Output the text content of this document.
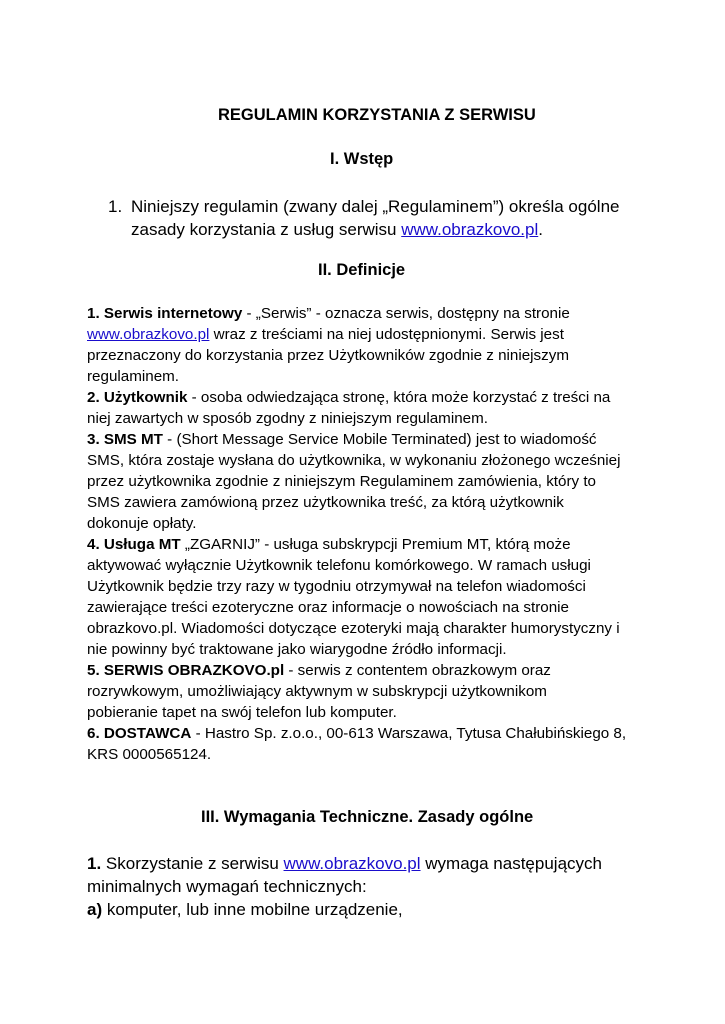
REGULAMIN KORZYSTANIA Z SERWISU
I. Wstęp
1. Niniejszy regulamin (zwany dalej „Regulaminem”) określa ogólne
zasady korzystania z usług serwisu www.obrazkovo.pl.
II. Definicje
1. Serwis internetowy - „Serwis” - oznacza serwis, dostępny na stronie
www.obrazkovo.pl wraz z treściami na niej udostępnionymi. Serwis jest
przeznaczony do korzystania przez Użytkowników zgodnie z niniejszym
regulaminem.
2. Użytkownik - osoba odwiedzająca stronę, która może korzystać z treści na
niej zawartych w sposób zgodny z niniejszym regulaminem.
3. SMS MT - (Short Message Service Mobile Terminated) jest to wiadomość
SMS, która zostaje wysłana do użytkownika, w wykonaniu złożonego wcześniej
przez użytkownika zgodnie z niniejszym Regulaminem zamówienia, który to
SMS zawiera zamówioną przez użytkownika treść, za którą użytkownik
dokonuje opłaty.
4. Usługa MT „ZGARNIJ” - usługa subskrypcji Premium MT, którą może
aktywować wyłącznie Użytkownik telefonu komórkowego. W ramach usługi
Użytkownik będzie trzy razy w tygodniu otrzymywał na telefon wiadomości
zawierające treści ezoteryczne oraz informacje o nowościach na stronie
obrazkovo.pl. Wiadomości dotyczące ezoteryki mają charakter humorystyczny i
nie powinny być traktowane jako wiarygodne źródło informacji.
5. SERWIS OBRAZKOVO.pl - serwis z contentem obrazkowym oraz
rozrywkowym, umożliwiający aktywnym w subskrypcji użytkownikom
pobieranie tapet na swój telefon lub komputer.
6. DOSTAWCA - Hastro Sp. z.o.o., 00-613 Warszawa, Tytusa Chałubińskiego 8,
KRS 0000565124.
III. Wymagania Techniczne. Zasady ogólne
1. Skorzystanie z serwisu www.obrazkovo.pl wymaga następujących
minimalnych wymagań technicznych:
a) komputer, lub inne mobilne urządzenie,
